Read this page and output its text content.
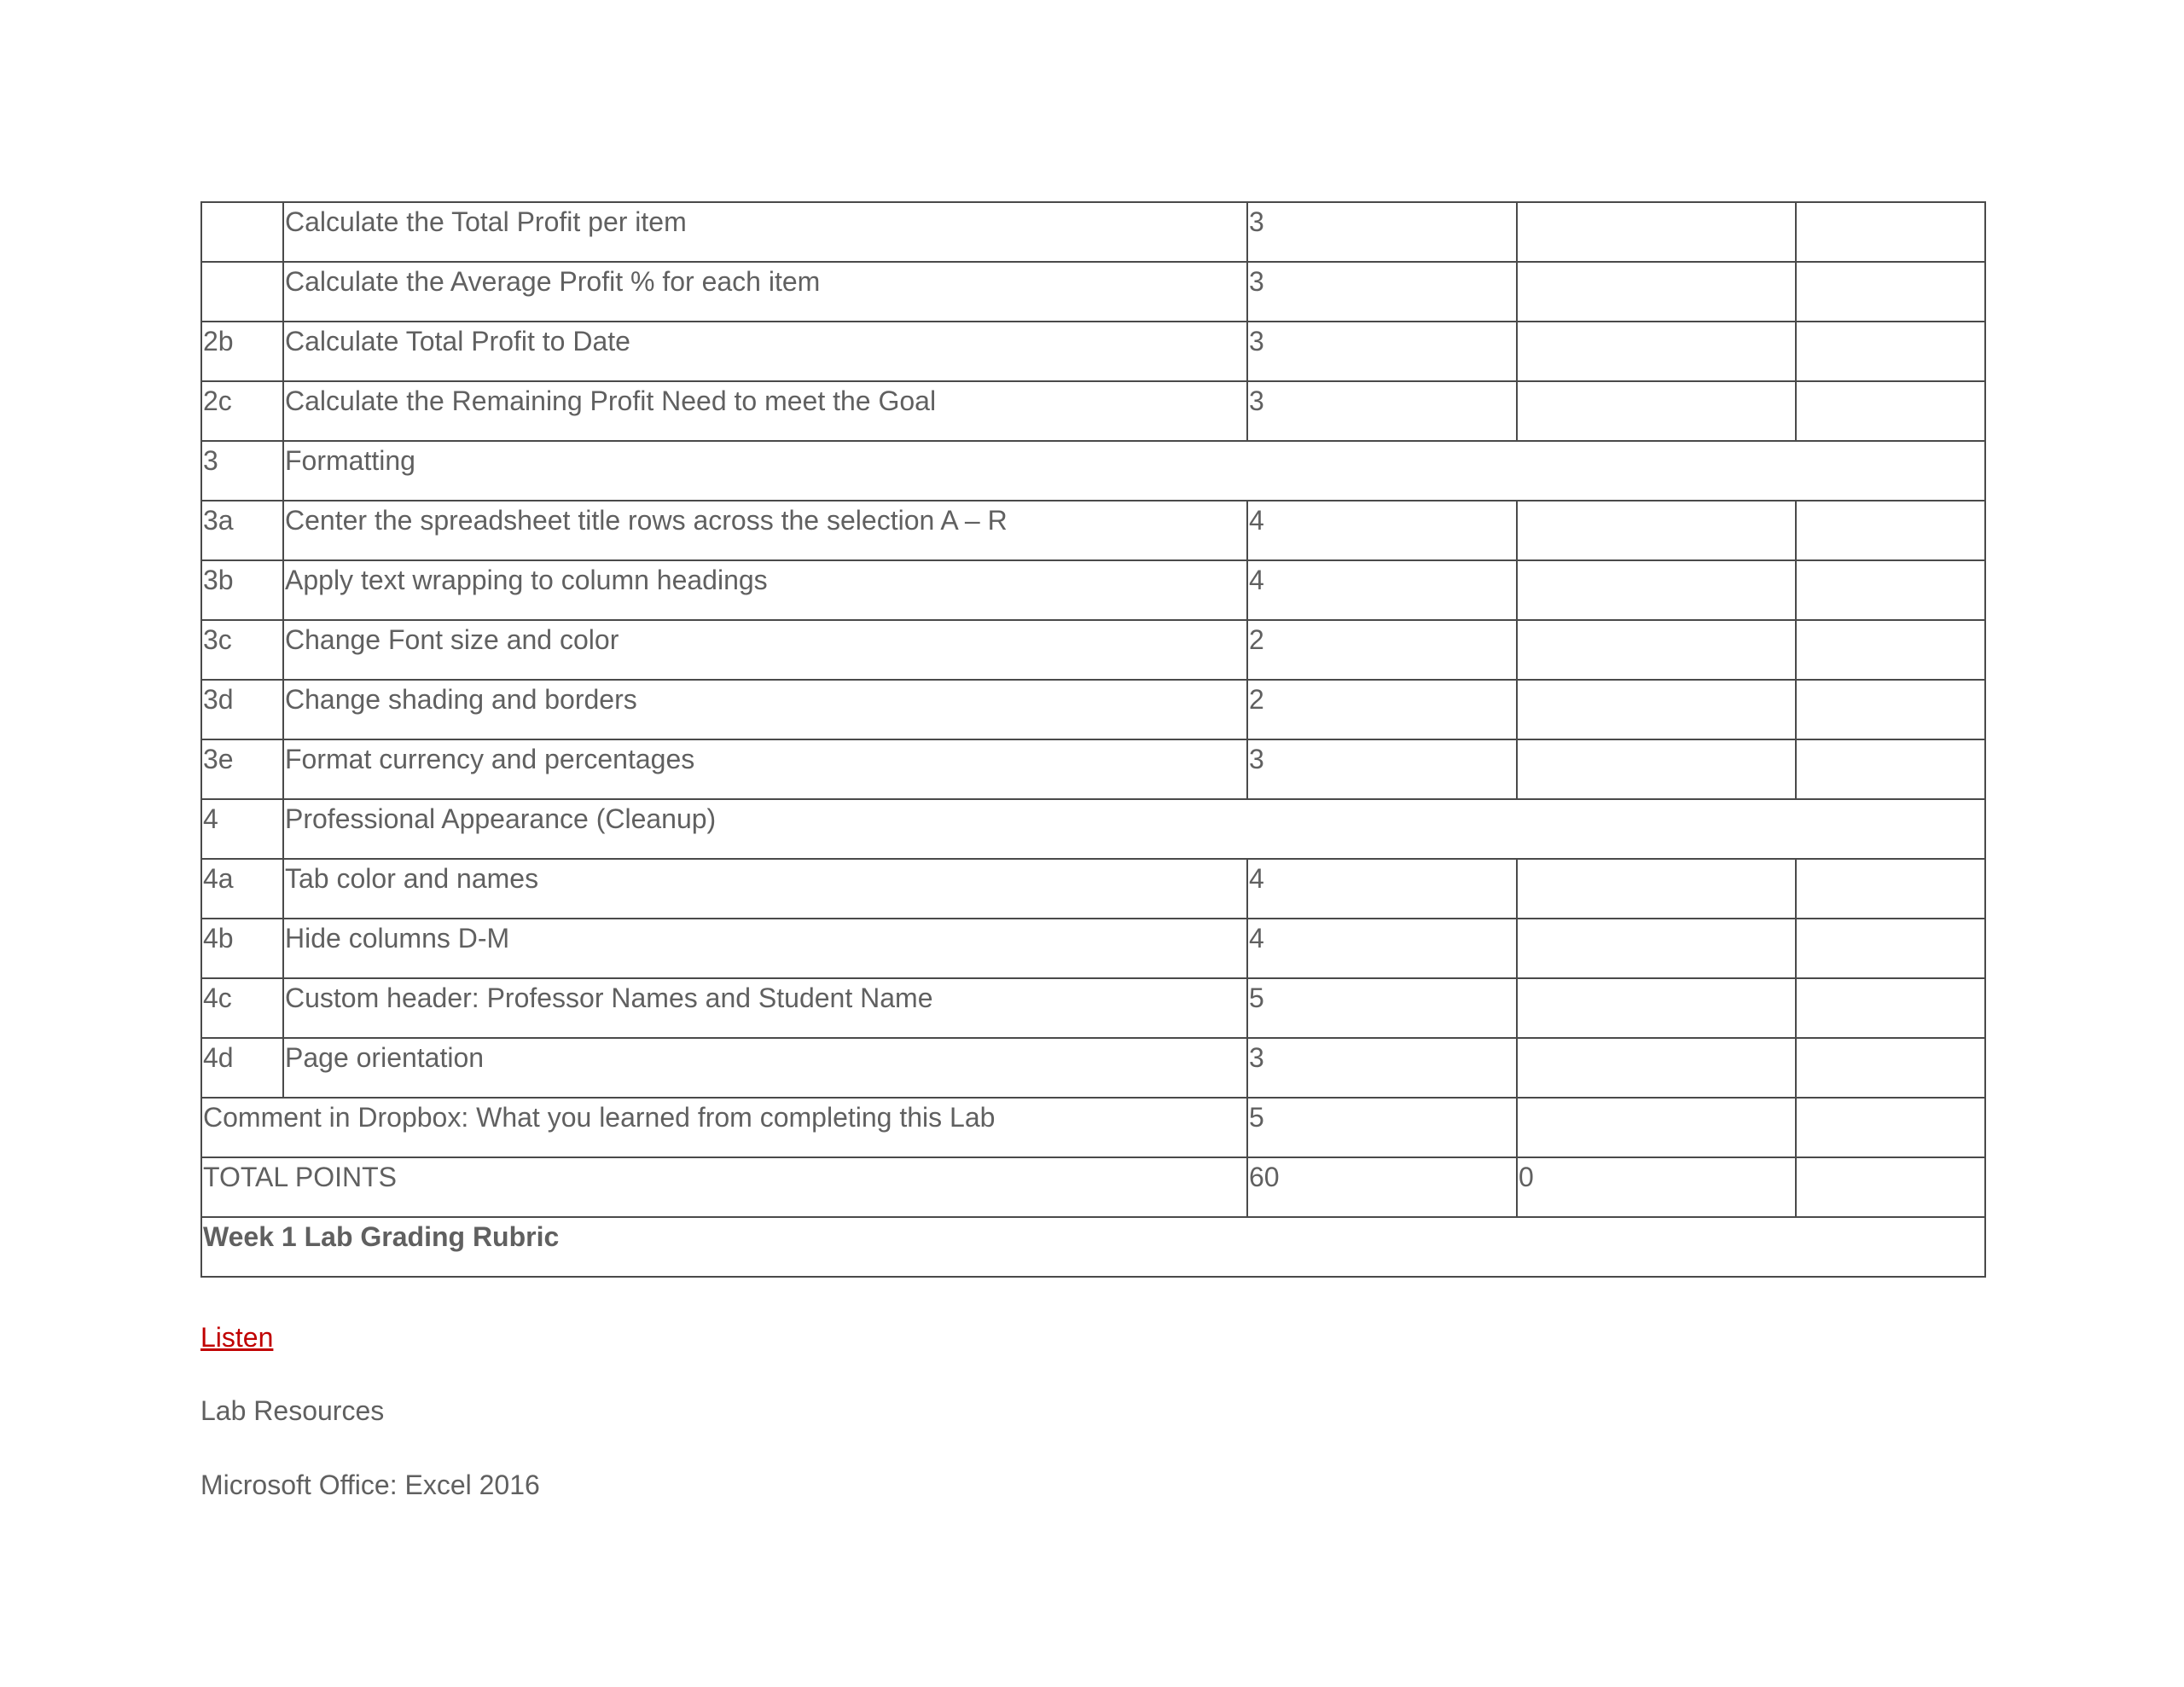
	Calculate the Total Profit per item	3		
	Calculate the Average Profit % for each item	3		
2b	Calculate Total Profit to Date	3		
2c	Calculate the Remaining Profit Need to meet the Goal	3		
3	Formatting			
3a	Center the spreadsheet title rows across the selection A – R	4		
3b	Apply text wrapping to column headings	4		
3c	Change Font size and color	2		
3d	Change shading and borders	2		
3e	Format currency and percentages	3		
4	Professional Appearance (Cleanup)			
4a	Tab color and names	4		
4b	Hide columns D-M	4		
4c	Custom header: Professor Names and Student Name	5		
4d	Page orientation	3		
Comment in Dropbox: What you learned from completing this Lab		5		
TOTAL POINTS		60	0	
Week 1 Lab Grading Rubric				
Listen
Lab Resources
Microsoft Office: Excel 2016
